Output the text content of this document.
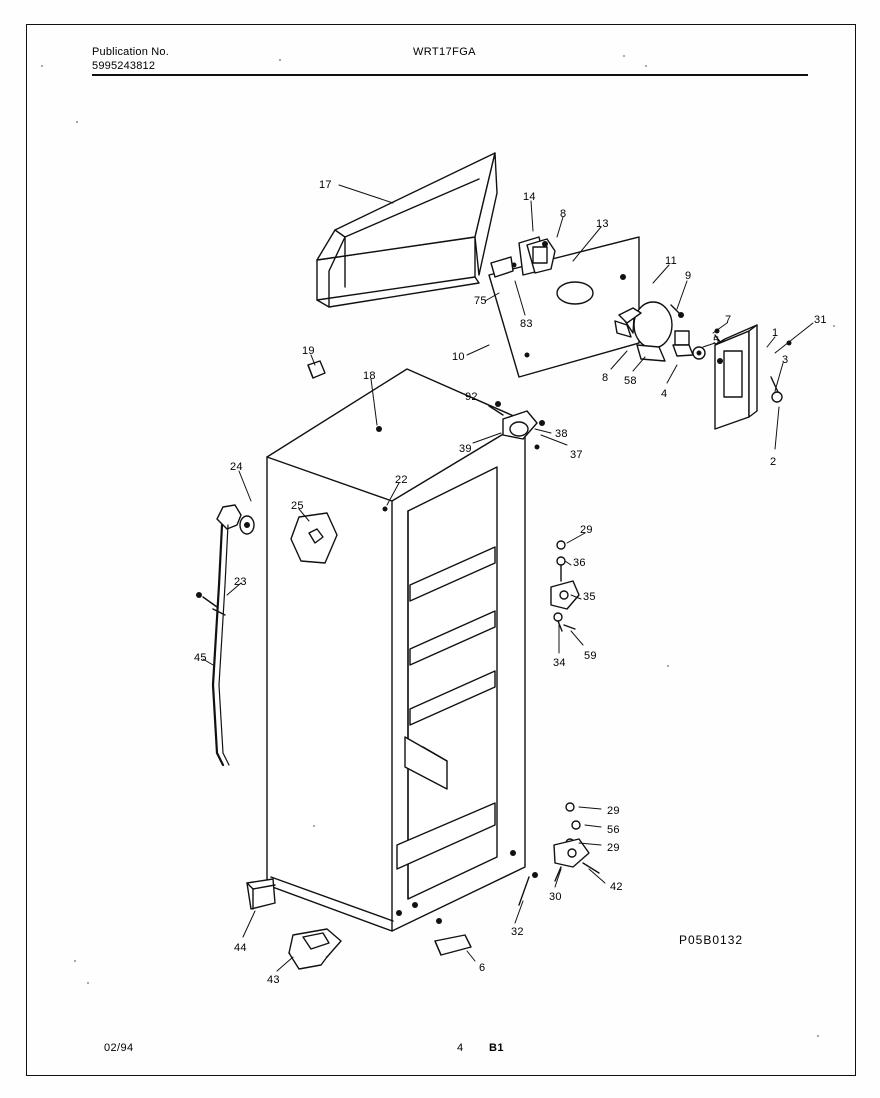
Publication No.
5995243812
WRT17FGA
17
14
8
13
11
9
7
5
1
31
3
2
75
83
10
8 58
4
19
18
92
38
39	37
24
22
25
23
29
36
35
45	34
59
29
56
29
30
42
32
44
43
6
P05B0132
02/94	4 B1
